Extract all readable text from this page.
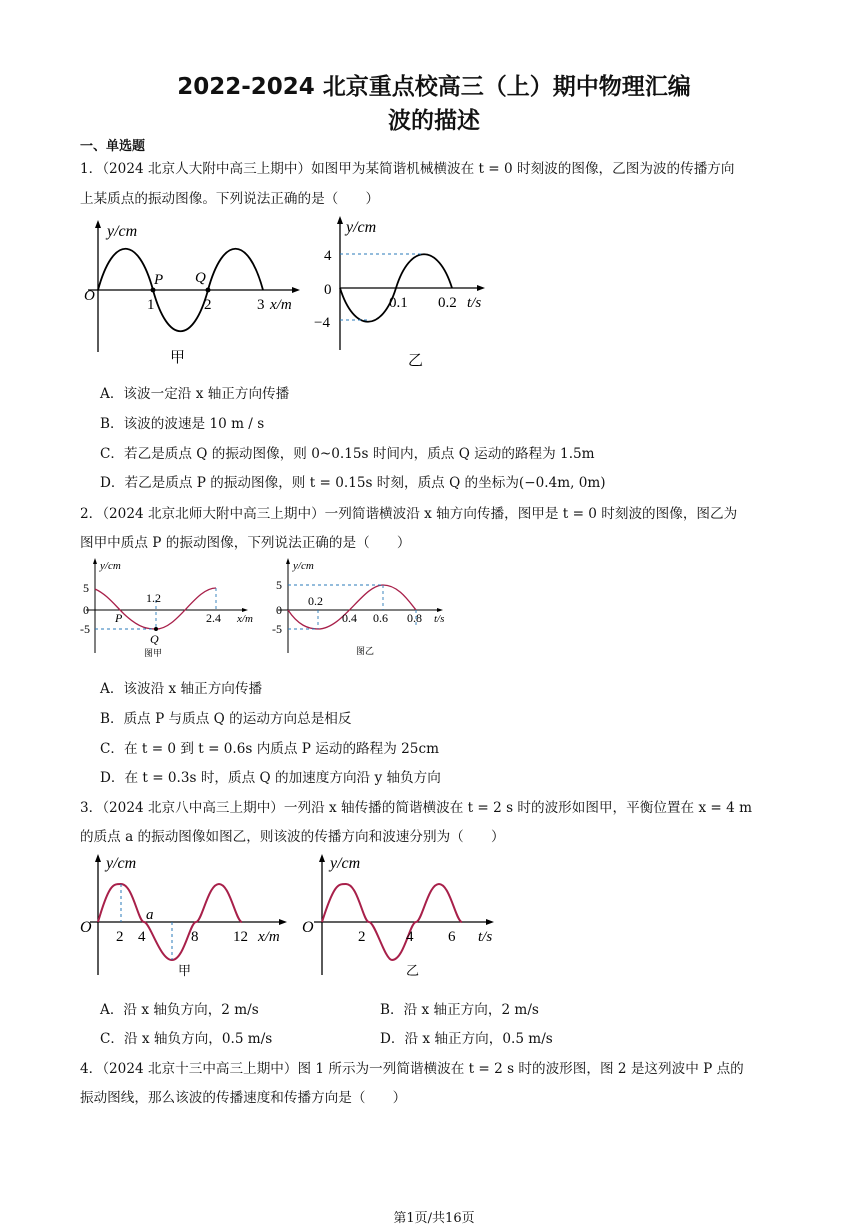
2022-2024 北京重点校高三（上）期中物理汇编
波的描述
一、单选题
1．（2024 北京人大附中高三上期中）如图甲为某简谐机械横波在 t = 0 时刻波的图像，乙图为波的传播方向
上某质点的振动图像。下列说法正确的是（　　）
y/cm
O
P Q
1	2	3 x/m
甲
y/cm
4
0
−4
0.1 0.2 t/s
乙
A．该波一定沿 x 轴正方向传播
B．该波的波速是 10 m / s
C．若乙是质点 Q 的振动图像，则 0~0.15s 时间内，质点 Q 运动的路程为 1.5m
D．若乙是质点 P 的振动图像，则 t = 0.15s 时刻，质点 Q 的坐标为(−0.4m, 0m)
2．（2024 北京北师大附中高三上期中）一列简谐横波沿 x 轴方向传播，图甲是 t = 0 时刻波的图像，图乙为
图甲中质点 P 的振动图像，下列说法正确的是（　　）
y/cm
5
0
-5
1.2
2.4 x/m
P
Q
图甲
y/cm
5
0
-5
0.2
0.4 0.6 0.8 t/s
图乙
A．该波沿 x 轴正方向传播
B．质点 P 与质点 Q 的运动方向总是相反
C．在 t = 0 到 t = 0.6s 内质点 P 运动的路程为 25cm
D．在 t = 0.3s 时，质点 Q 的加速度方向沿 y 轴负方向
3．（2024 北京八中高三上期中）一列沿 x 轴传播的简谐横波在 t = 2 s 时的波形如图甲，平衡位置在 x = 4 m
的质点 a 的振动图像如图乙，则该波的传播方向和波速分别为（　　）
y/cm
O
a
2 4	8 12 x/m
甲
y/cm
O
2	4 6 t/s
乙
A．沿 x 轴负方向，2 m/s	B．沿 x 轴正方向，2 m/s
C．沿 x 轴负方向，0.5 m/s	D．沿 x 轴正方向，0.5 m/s
4．（2024 北京十三中高三上期中）图 1 所示为一列简谐横波在 t = 2 s 时的波形图，图 2 是这列波中 P 点的
振动图线，那么该波的传播速度和传播方向是（　　）
第1页/共16页
